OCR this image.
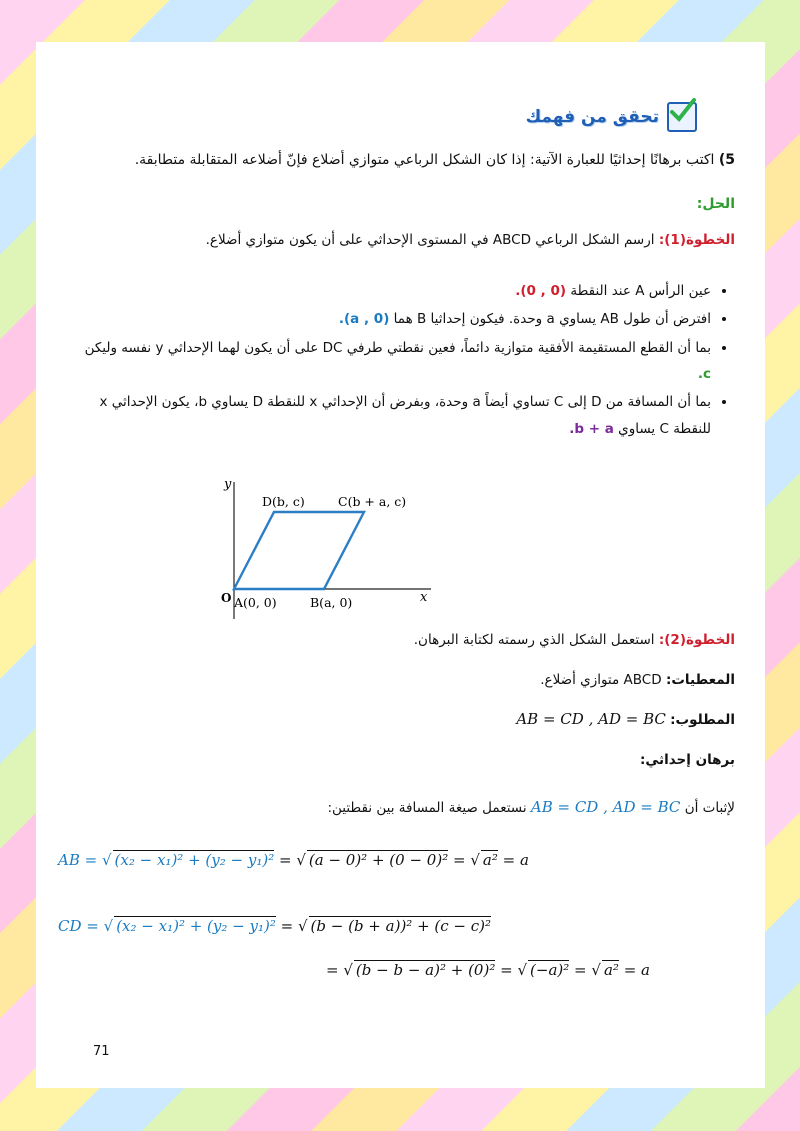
تحقق من فهمك
5) اكتب برهانًا إحداثيًا للعبارة الآتية: إذا كان الشكل الرباعي متوازي أضلاع فإنّ أضلاعه المتقابلة متطابقة.
الحل:
الخطوة(1): ارسم الشكل الرباعي ABCD في المستوى الإحداثي على أن يكون متوازي أضلاع.
• عين الرأس A عند النقطة (0 , 0).
• افترض أن طول AB يساوي a وحدة. فيكون إحداثيا B هما (a , 0).
• بما أن القطع المستقيمة الأفقية متوازية دائماً، فعين نقطتي طرفي DC على أن يكون لهما الإحداثي y نفسه وليكن c.
• بما أن المسافة من D إلى C تساوي أيضاً a وحدة، وبفرض أن الإحداثي x للنقطة D يساوي b، يكون الإحداثي x للنقطة C يساوي b + a.
x
y
O A(0, 0)	B(a, 0)
D(b, c)	C(b + a, c)
الخطوة(2): استعمل الشكل الذي رسمته لكتابة البرهان.
المعطيات: ABCD متوازي أضلاع.
المطلوب: AB = CD , AD = BC
برهان إحداثي:
لإثبات أن AB = CD , AD = BC نستعمل صيغة المسافة بين نقطتين:
AB = √ (x₂ − x₁)² + (y₂ − y₁)² = √ (a − 0)² + (0 − 0)² = √ a² = a
CD = √ (x₂ − x₁)² + (y₂ − y₁)² = √ (b − (b + a))² + (c − c)²
= √ (b − b − a)² + (0)² = √ (−a)² = √ a² = a
71
